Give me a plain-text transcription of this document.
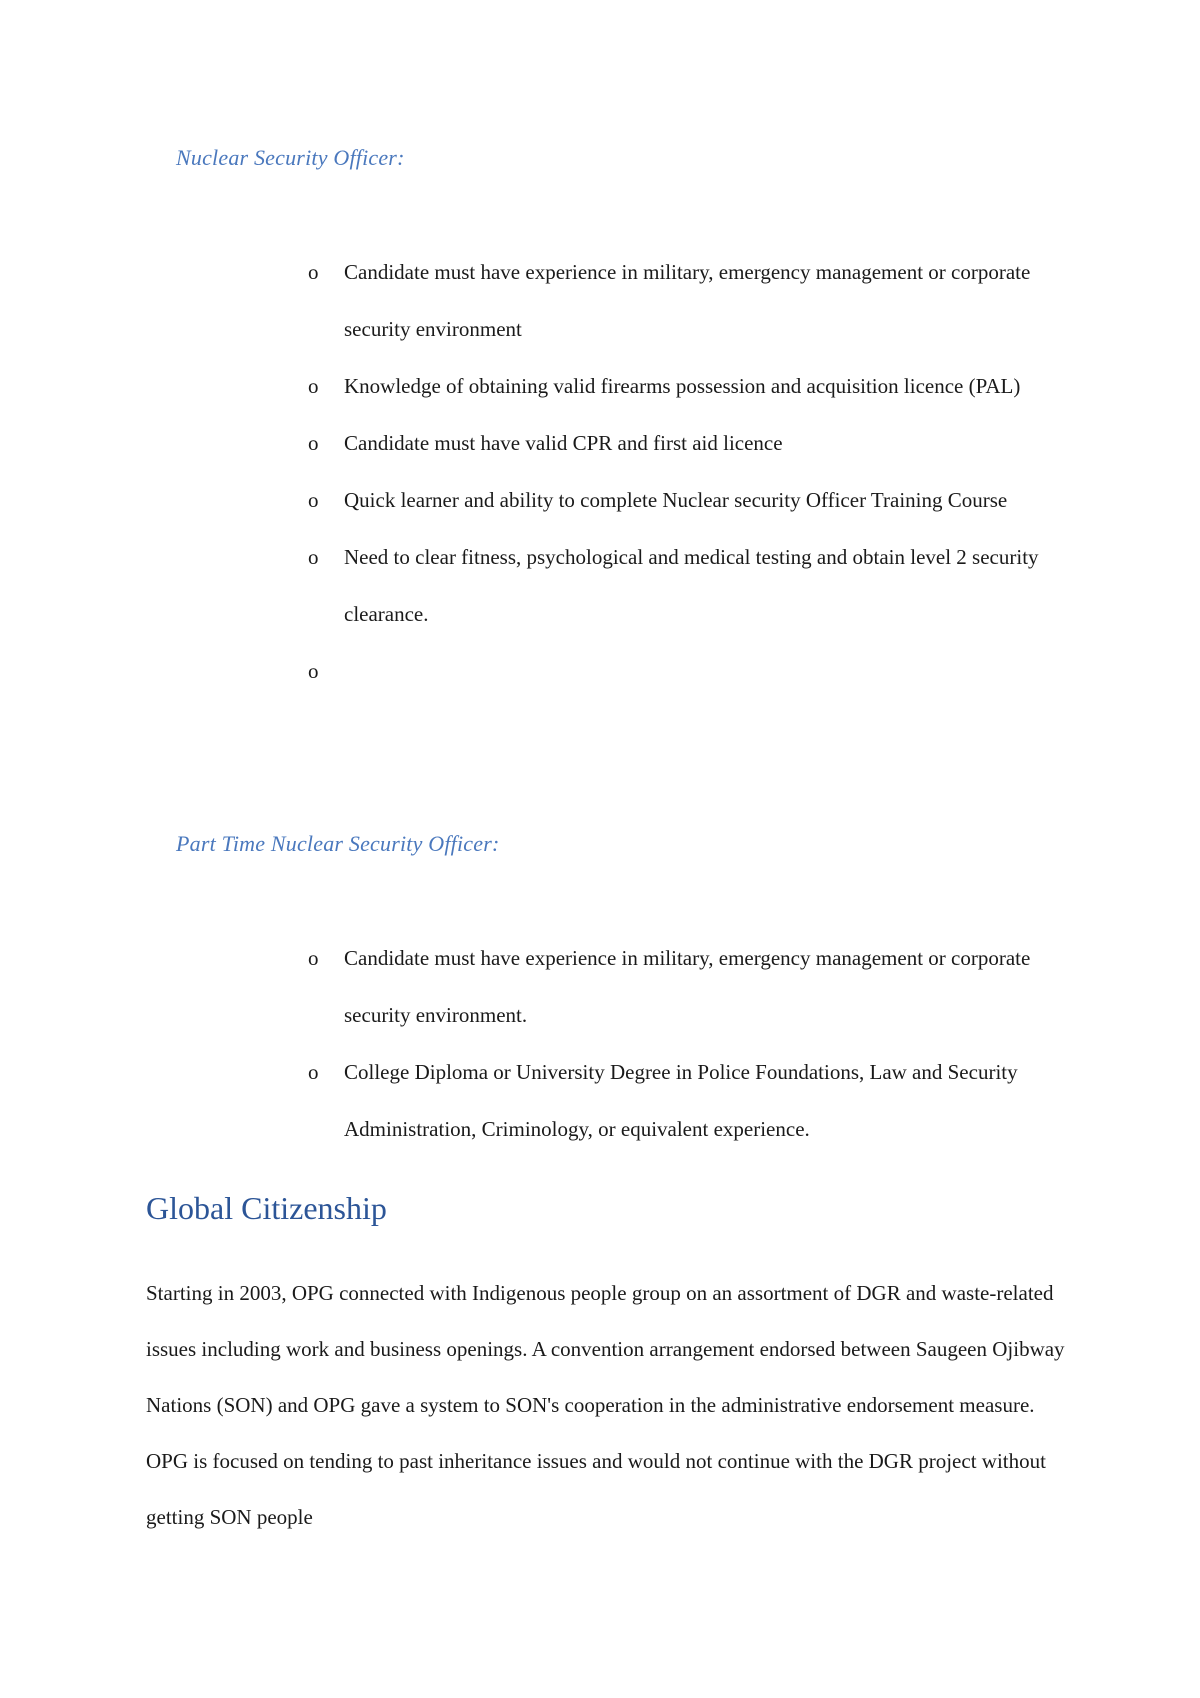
Nuclear Security Officer:
o Candidate must have experience in military, emergency management or corporate security environment
o Knowledge of obtaining valid firearms possession and acquisition licence (PAL)
o Candidate must have valid CPR and first aid licence
o Quick learner and ability to complete Nuclear security Officer Training Course
o Need to clear fitness, psychological and medical testing and obtain level 2 security clearance.
o
Part Time Nuclear Security Officer:
o Candidate must have experience in military, emergency management or corporate security environment.
o College Diploma or University Degree in Police Foundations, Law and Security Administration, Criminology, or equivalent experience.
Global Citizenship

Starting in 2003, OPG connected with Indigenous people group on an assortment of DGR and waste-related issues including work and business openings. A convention arrangement endorsed between Saugeen Ojibway Nations (SON) and OPG gave a system to SON's cooperation in the administrative endorsement measure. OPG is focused on tending to past inheritance issues and would not continue with the DGR project without getting SON people
